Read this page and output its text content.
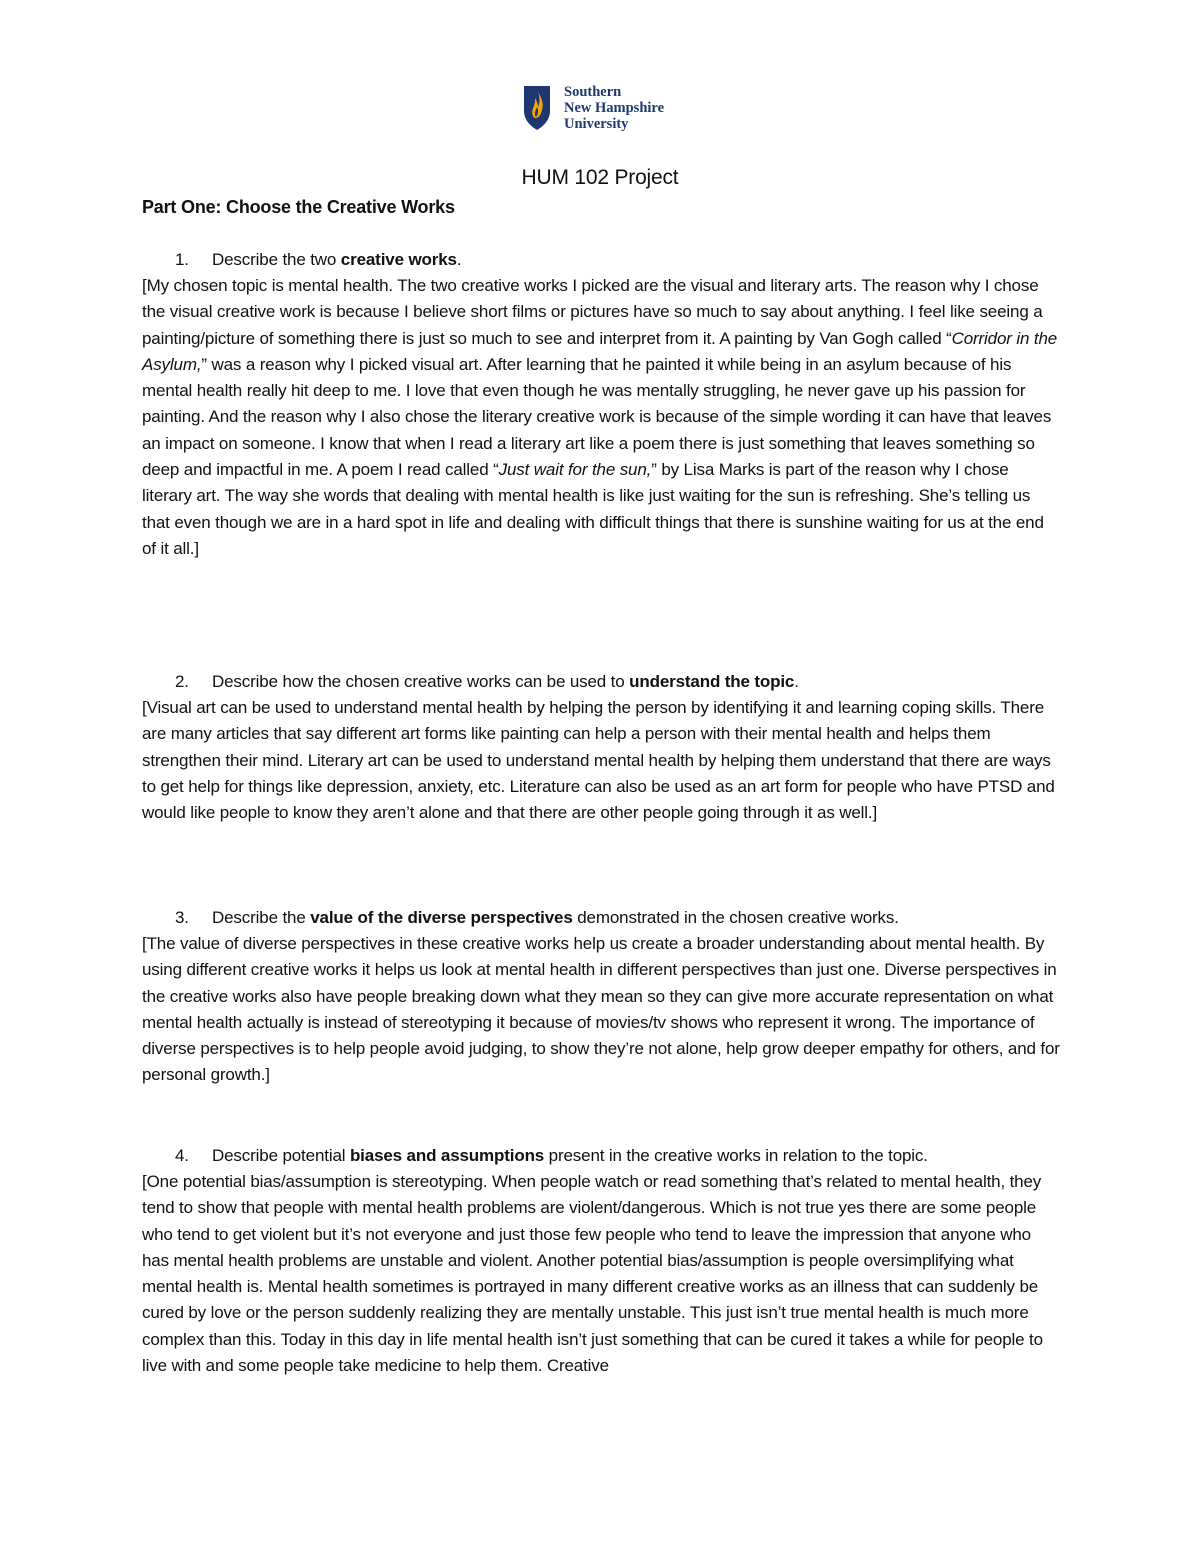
Southern
New Hampshire
University
HUM 102 Project
Part One: Choose the Creative Works
1. Describe the two creative works.

[My chosen topic is mental health. The two creative works I picked are the visual and literary arts. The reason why I chose the visual creative work is because I believe short films or pictures have so much to say about anything. I feel like seeing a painting/picture of something there is just so much to see and interpret from it. A painting by Van Gogh called “Corridor in the Asylum,” was a reason why I picked visual art. After learning that he painted it while being in an asylum because of his mental health really hit deep to me. I love that even though he was mentally struggling, he never gave up his passion for painting. And the reason why I also chose the literary creative work is because of the simple wording it can have that leaves an impact on someone. I know that when I read a literary art like a poem there is just something that leaves something so deep and impactful in me. A poem I read called “Just wait for the sun,” by Lisa Marks is part of the reason why I chose literary art. The way she words that dealing with mental health is like just waiting for the sun is refreshing. She’s telling us that even though we are in a hard spot in life and dealing with difficult things that there is sunshine waiting for us at the end of it all.]

2. Describe how the chosen creative works can be used to understand the topic.

[Visual art can be used to understand mental health by helping the person by identifying it and learning coping skills. There are many articles that say different art forms like painting can help a person with their mental health and helps them strengthen their mind. Literary art can be used to understand mental health by helping them understand that there are ways to get help for things like depression, anxiety, etc. Literature can also be used as an art form for people who have PTSD and would like people to know they aren’t alone and that there are other people going through it as well.]

3. Describe the value of the diverse perspectives demonstrated in the chosen creative works.

[The value of diverse perspectives in these creative works help us create a broader understanding about mental health. By using different creative works it helps us look at mental health in different perspectives than just one. Diverse perspectives in the creative works also have people breaking down what they mean so they can give more accurate representation on what mental health actually is instead of stereotyping it because of movies/tv shows who represent it wrong. The importance of diverse perspectives is to help people avoid judging, to show they’re not alone, help grow deeper empathy for others, and for personal growth.]

4. Describe potential biases and assumptions present in the creative works in relation to the topic.

[One potential bias/assumption is stereotyping. When people watch or read something that’s related to mental health, they tend to show that people with mental health problems are violent/dangerous. Which is not true yes there are some people who tend to get violent but it’s not everyone and just those few people who tend to leave the impression that anyone who has mental health problems are unstable and violent. Another potential bias/assumption is people oversimplifying what mental health is. Mental health sometimes is portrayed in many different creative works as an illness that can suddenly be cured by love or the person suddenly realizing they are mentally unstable. This just isn’t true mental health is much more complex than this. Today in this day in life mental health isn’t just something that can be cured it takes a while for people to live with and some people take medicine to help them. Creative
